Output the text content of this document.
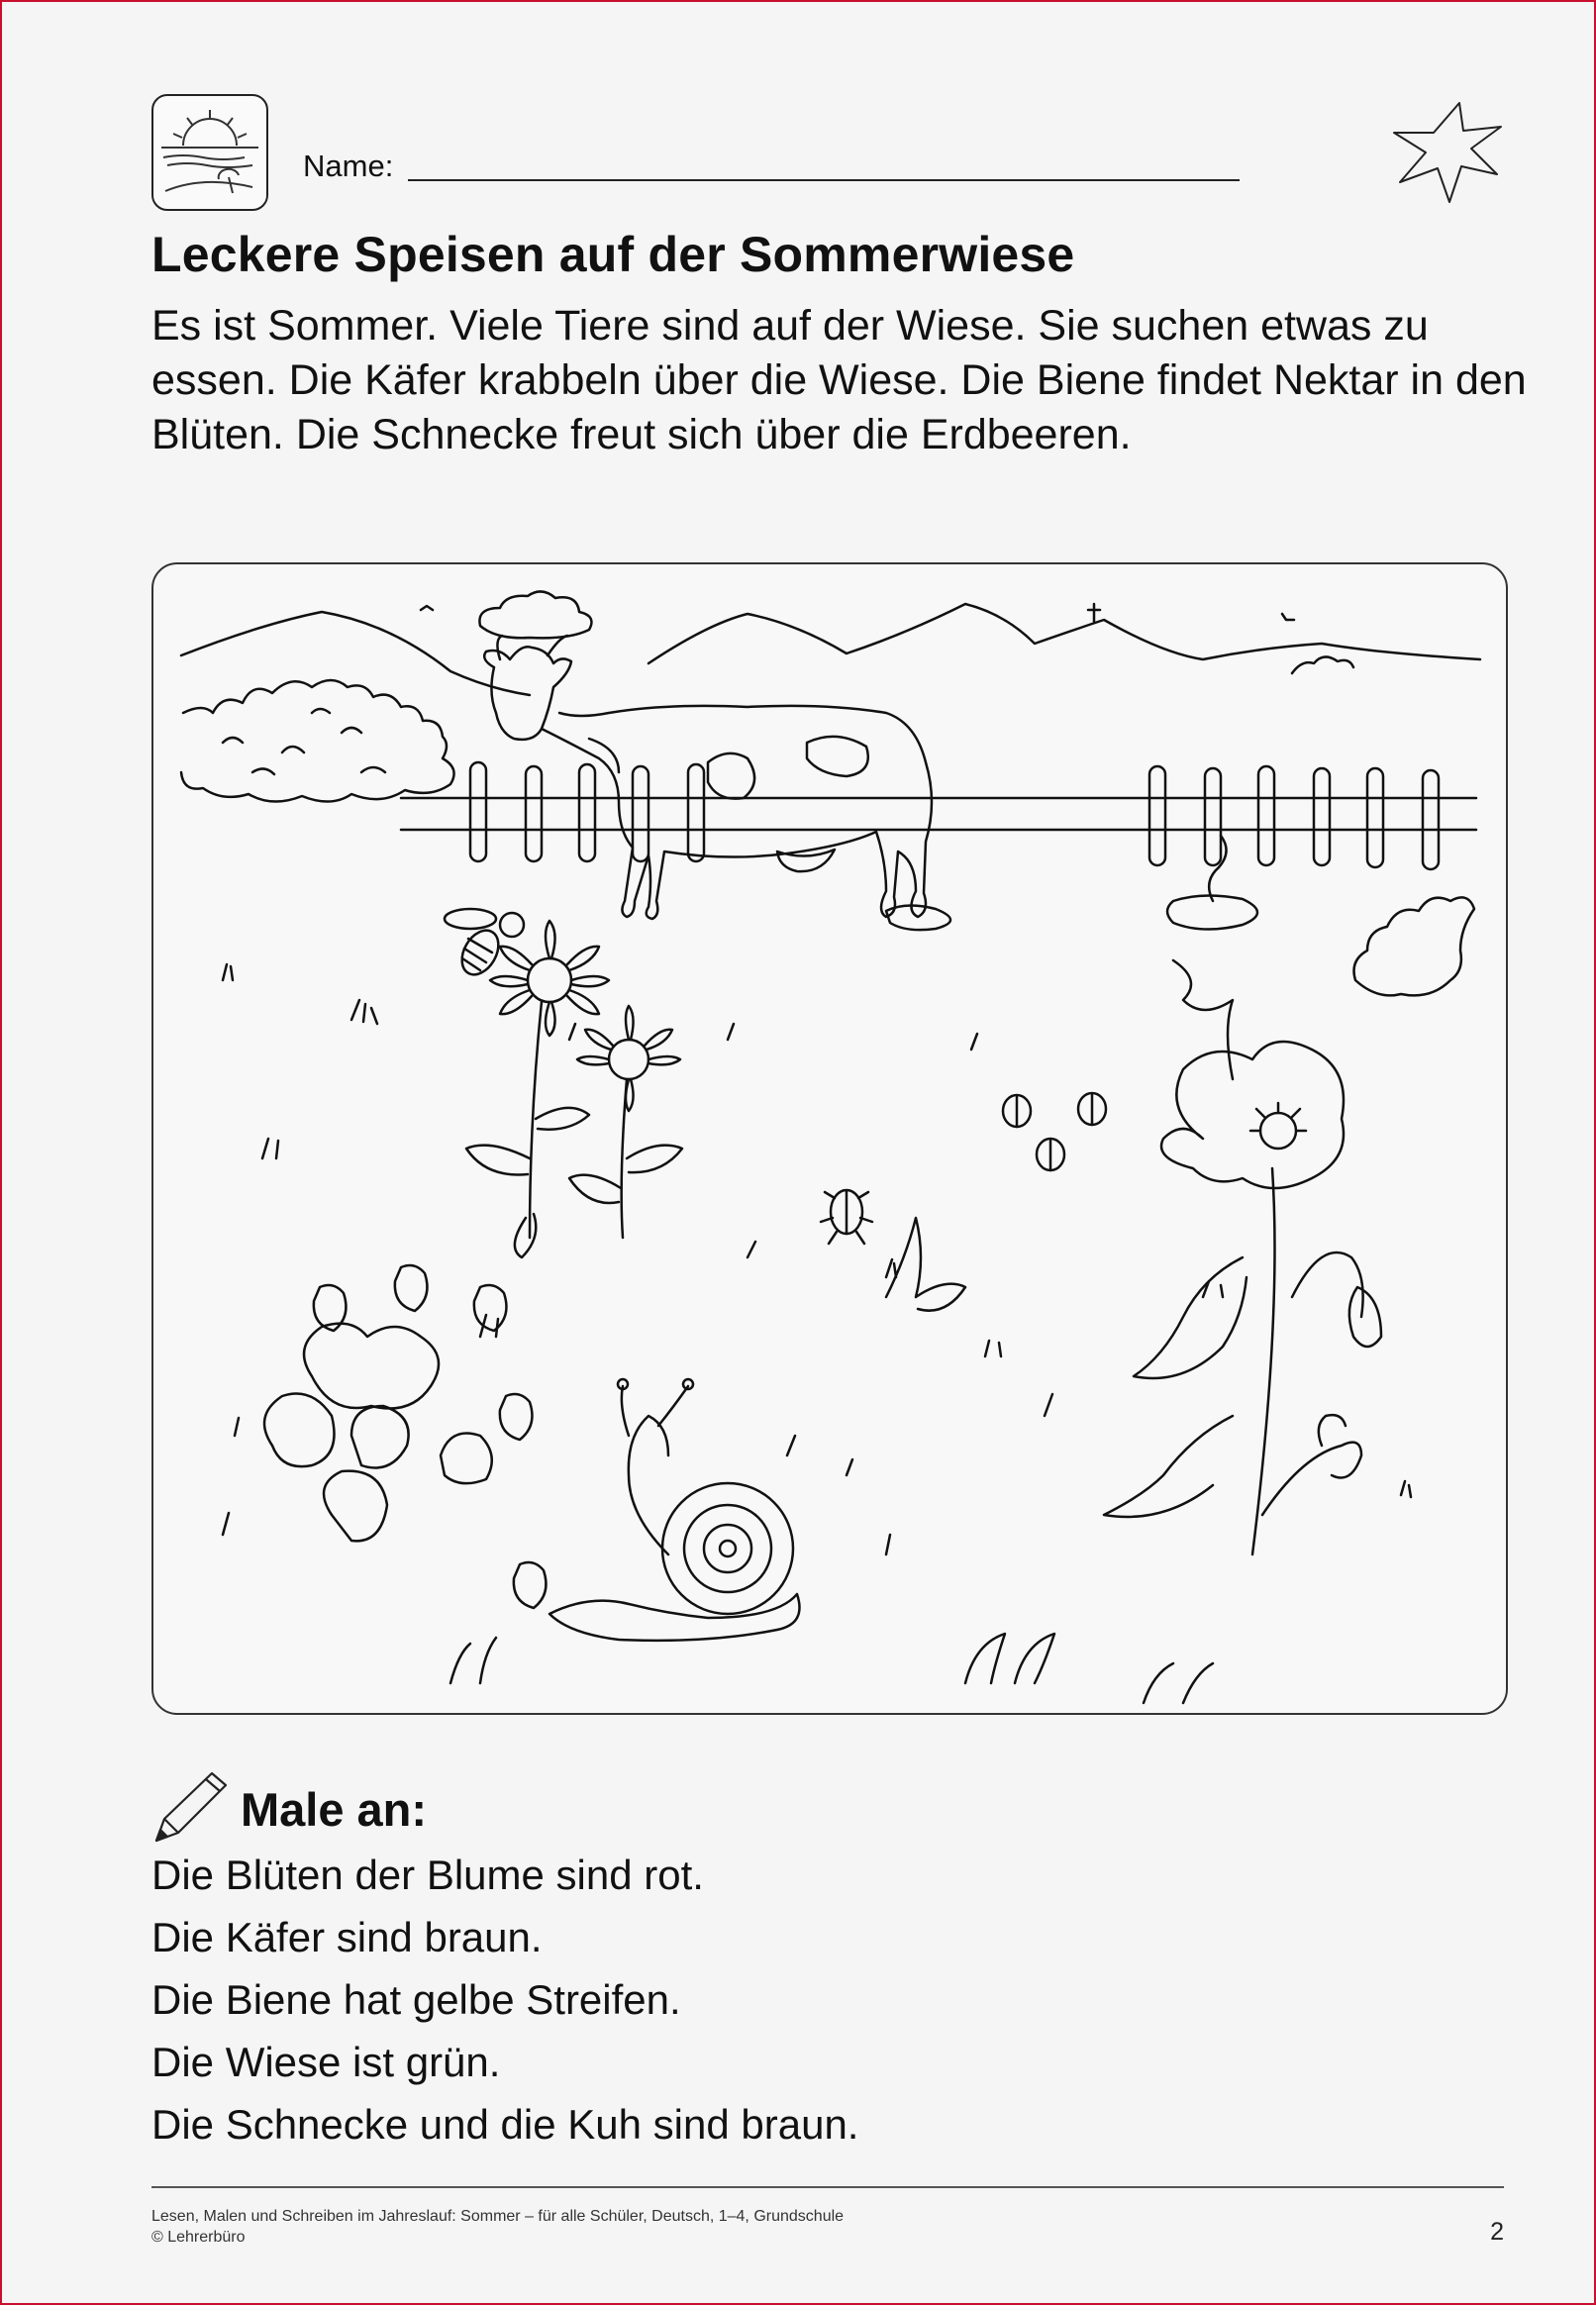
Name:
Leckere Speisen auf der Sommerwiese

Es ist Sommer. Viele Tiere sind auf der Wiese. Sie suchen etwas zu essen. Die Käfer krabbeln über die Wiese. Die Biene findet Nektar in den Blüten. Die Schnecke freut sich über die Erdbeeren.

Male an:
Die Blüten der Blume sind rot.
Die Käfer sind braun.
Die Biene hat gelbe Streifen.
Die Wiese ist grün.
Die Schnecke und die Kuh sind braun.
Lesen, Malen und Schreiben im Jahreslauf: Sommer – für alle Schüler, Deutsch, 1–4, Grundschule
© Lehrerbüro	2
